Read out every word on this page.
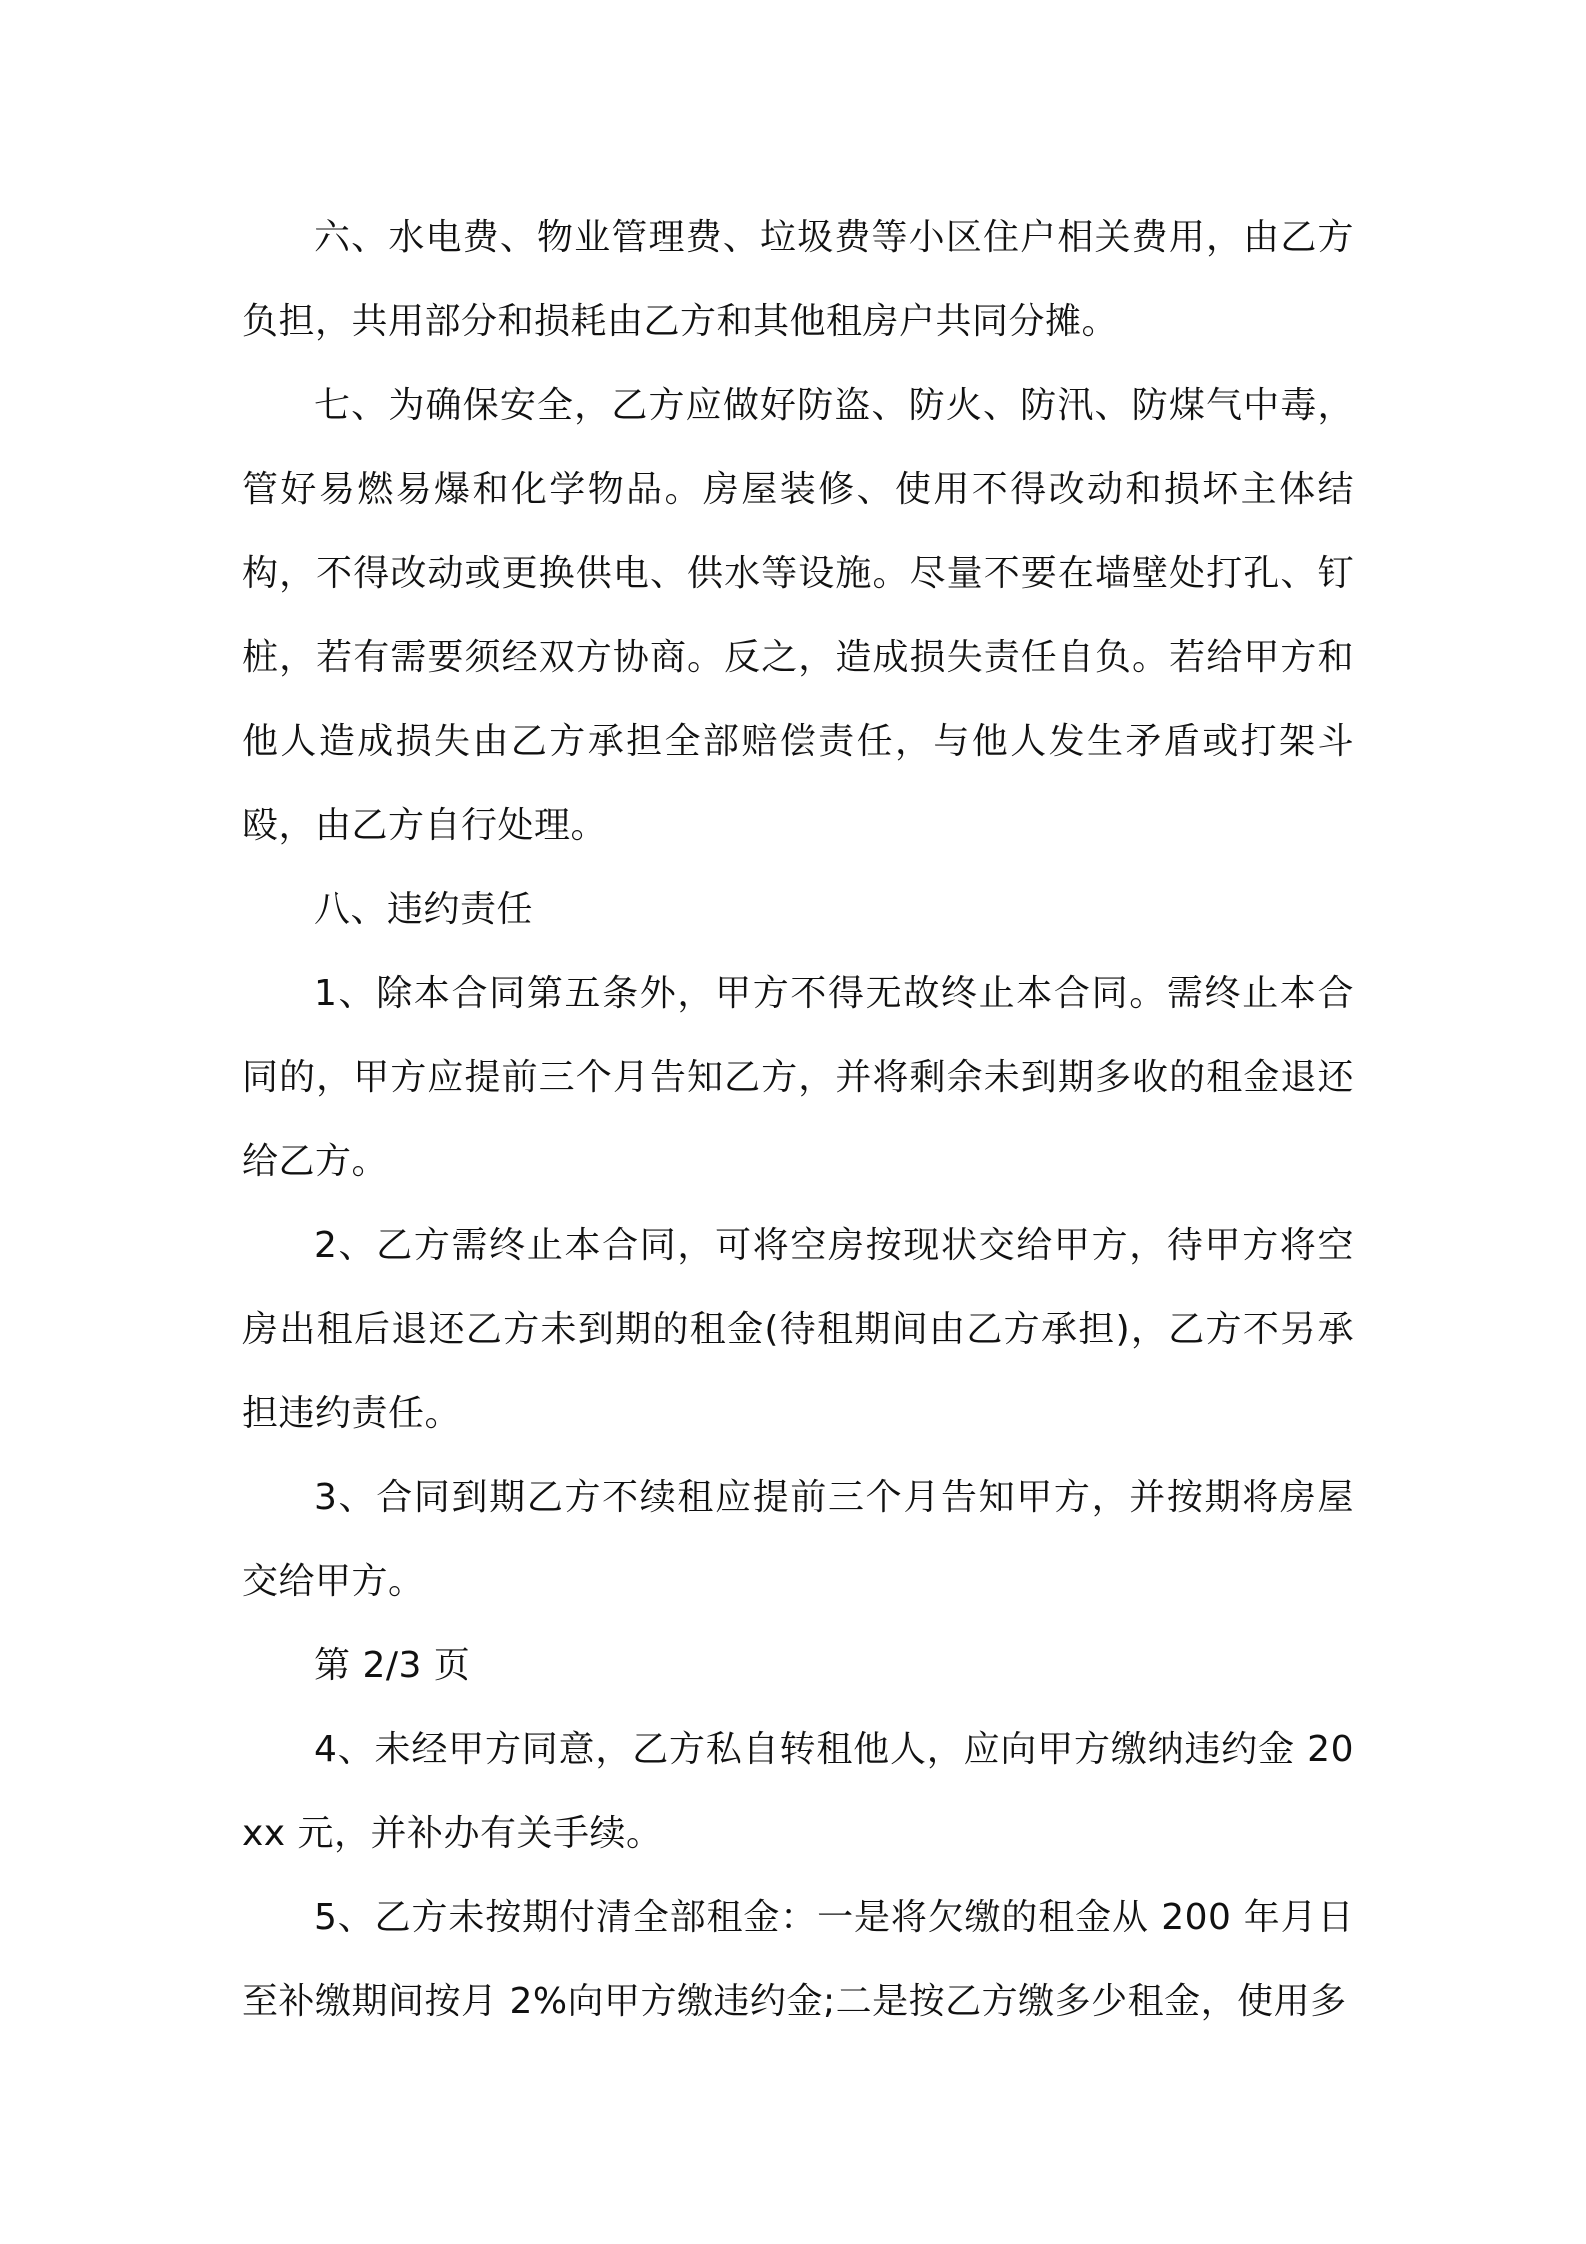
六、水电费、物业管理费、垃圾费等小区住户相关费用，由乙方负担，共用部分和损耗由乙方和其他租房户共同分摊。

七、为确保安全，乙方应做好防盗、防火、防汛、防煤气中毒，管好易燃易爆和化学物品。房屋装修、使用不得改动和损坏主体结构，不得改动或更换供电、供水等设施。尽量不要在墙壁处打孔、钉桩，若有需要须经双方协商。反之，造成损失责任自负。若给甲方和他人造成损失由乙方承担全部赔偿责任，与他人发生矛盾或打架斗殴，由乙方自行处理。

八、违约责任

1、除本合同第五条外，甲方不得无故终止本合同。需终止本合同的，甲方应提前三个月告知乙方，并将剩余未到期多收的租金退还给乙方。

2、乙方需终止本合同，可将空房按现状交给甲方，待甲方将空房出租后退还乙方未到期的租金(待租期间由乙方承担)，乙方不另承担违约责任。

3、合同到期乙方不续租应提前三个月告知甲方，并按期将房屋交给甲方。

第 2/3 页

4、未经甲方同意，乙方私自转租他人，应向甲方缴纳违约金 20xx 元，并补办有关手续。

5、乙方未按期付清全部租金：一是将欠缴的租金从 200 年月日至补缴期间按月 2%向甲方缴违约金;二是按乙方缴多少租金，使用多
